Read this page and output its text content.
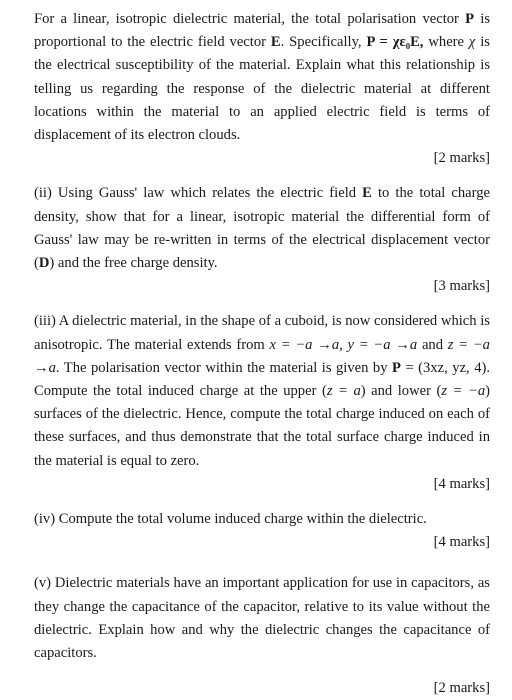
For a linear, isotropic dielectric material, the total polarisation vector P is proportional to the electric field vector E. Specifically, P = χε₀E, where χ is the electrical susceptibility of the material. Explain what this relationship is telling us regarding the response of the dielectric material at different locations within the material to an applied electric field is terms of displacement of its electron clouds.

[2 marks]

(ii) Using Gauss' law which relates the electric field E to the total charge density, show that for a linear, isotropic material the differential form of Gauss' law may be re-written in terms of the electrical displacement vector (D) and the free charge density.

[3 marks]

(iii) A dielectric material, in the shape of a cuboid, is now considered which is anisotropic. The material extends from x = −a →a, y = −a →a and z = −a →a. The polarisation vector within the material is given by P = (3xz, yz, 4). Compute the total induced charge at the upper (z = a) and lower (z = −a) surfaces of the dielectric. Hence, compute the total charge induced on each of these surfaces, and thus demonstrate that the total surface charge induced in the material is equal to zero.

[4 marks]

(iv) Compute the total volume induced charge within the dielectric.

[4 marks]

(v) Dielectric materials have an important application for use in capacitors, as they change the capacitance of the capacitor, relative to its value without the dielectric. Explain how and why the dielectric changes the capacitance of capacitors.

[2 marks]
